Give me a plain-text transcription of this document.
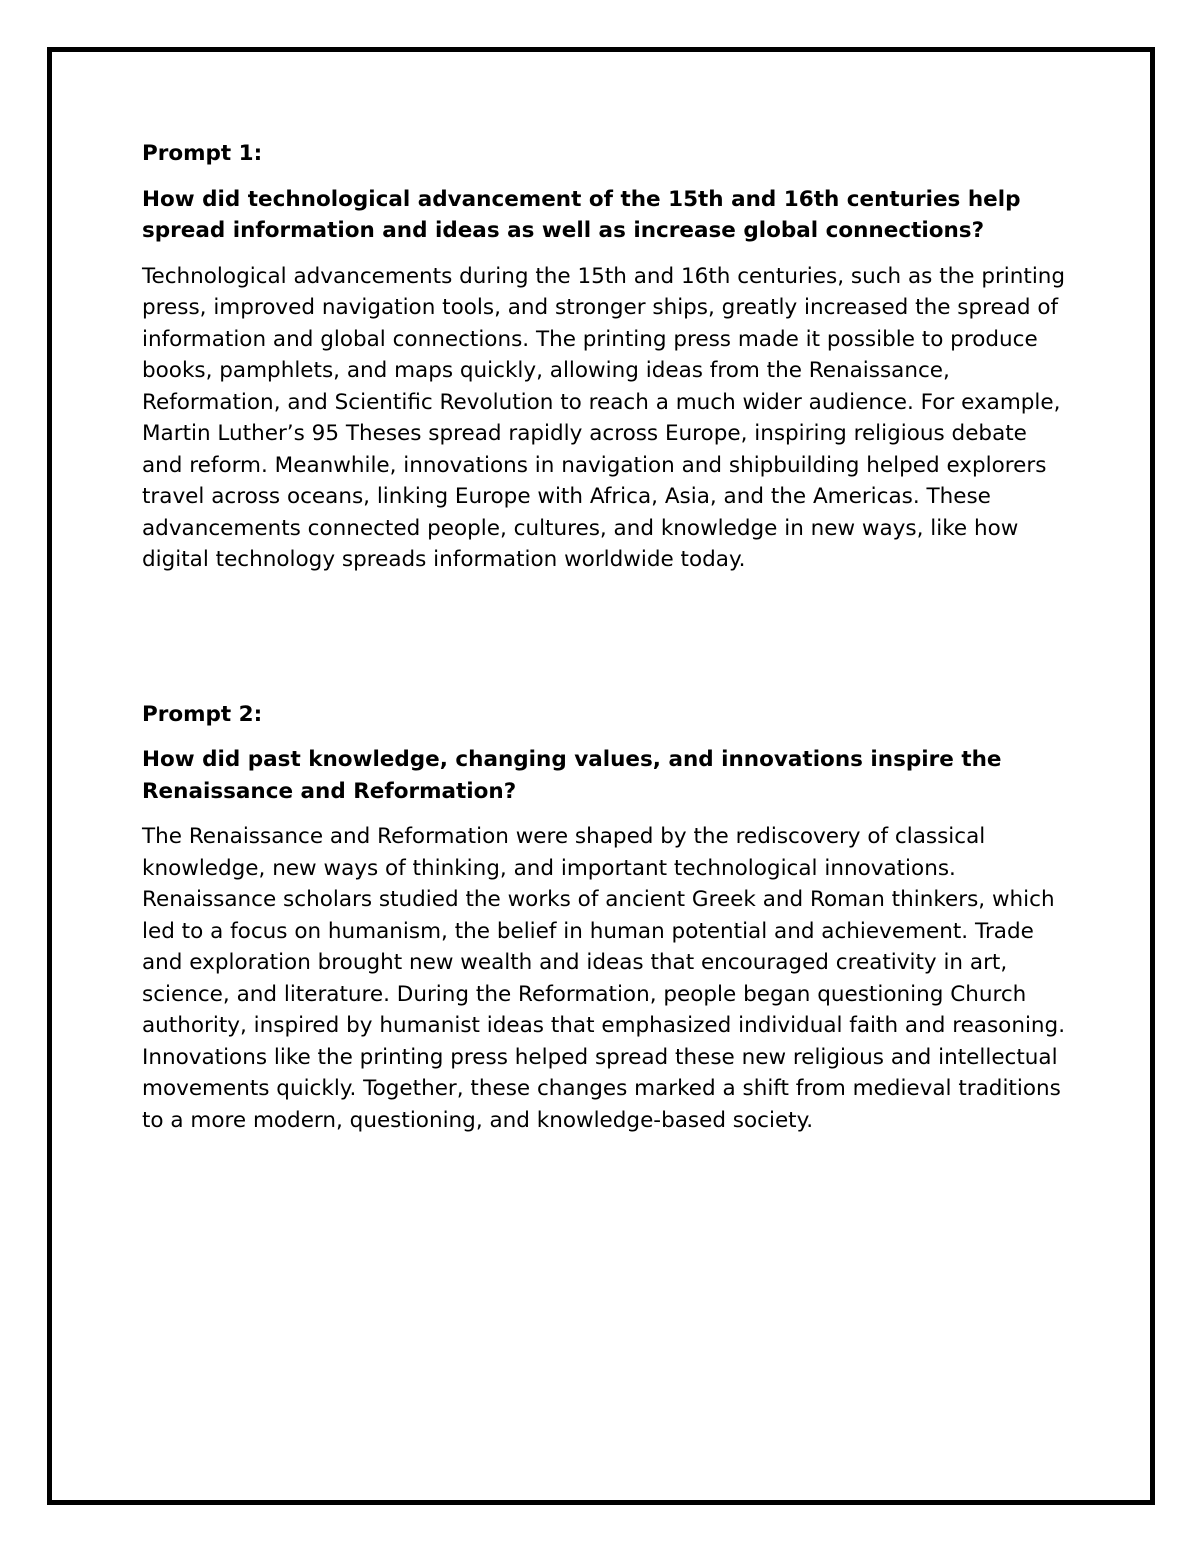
Prompt 1:

How did technological advancement of the 15th and 16th centuries help spread information and ideas as well as increase global connections?

Technological advancements during the 15th and 16th centuries, such as the printing press, improved navigation tools, and stronger ships, greatly increased the spread of information and global connections. The printing press made it possible to produce books, pamphlets, and maps quickly, allowing ideas from the Renaissance, Reformation, and Scientific Revolution to reach a much wider audience. For example, Martin Luther’s 95 Theses spread rapidly across Europe, inspiring religious debate and reform. Meanwhile, innovations in navigation and shipbuilding helped explorers travel across oceans, linking Europe with Africa, Asia, and the Americas. These advancements connected people, cultures, and knowledge in new ways, like how digital technology spreads information worldwide today.

Prompt 2:

How did past knowledge, changing values, and innovations inspire the Renaissance and Reformation?

The Renaissance and Reformation were shaped by the rediscovery of classical knowledge, new ways of thinking, and important technological innovations. Renaissance scholars studied the works of ancient Greek and Roman thinkers, which led to a focus on humanism, the belief in human potential and achievement. Trade and exploration brought new wealth and ideas that encouraged creativity in art, science, and literature. During the Reformation, people began questioning Church authority, inspired by humanist ideas that emphasized individual faith and reasoning. Innovations like the printing press helped spread these new religious and intellectual movements quickly. Together, these changes marked a shift from medieval traditions to a more modern, questioning, and knowledge-based society.
